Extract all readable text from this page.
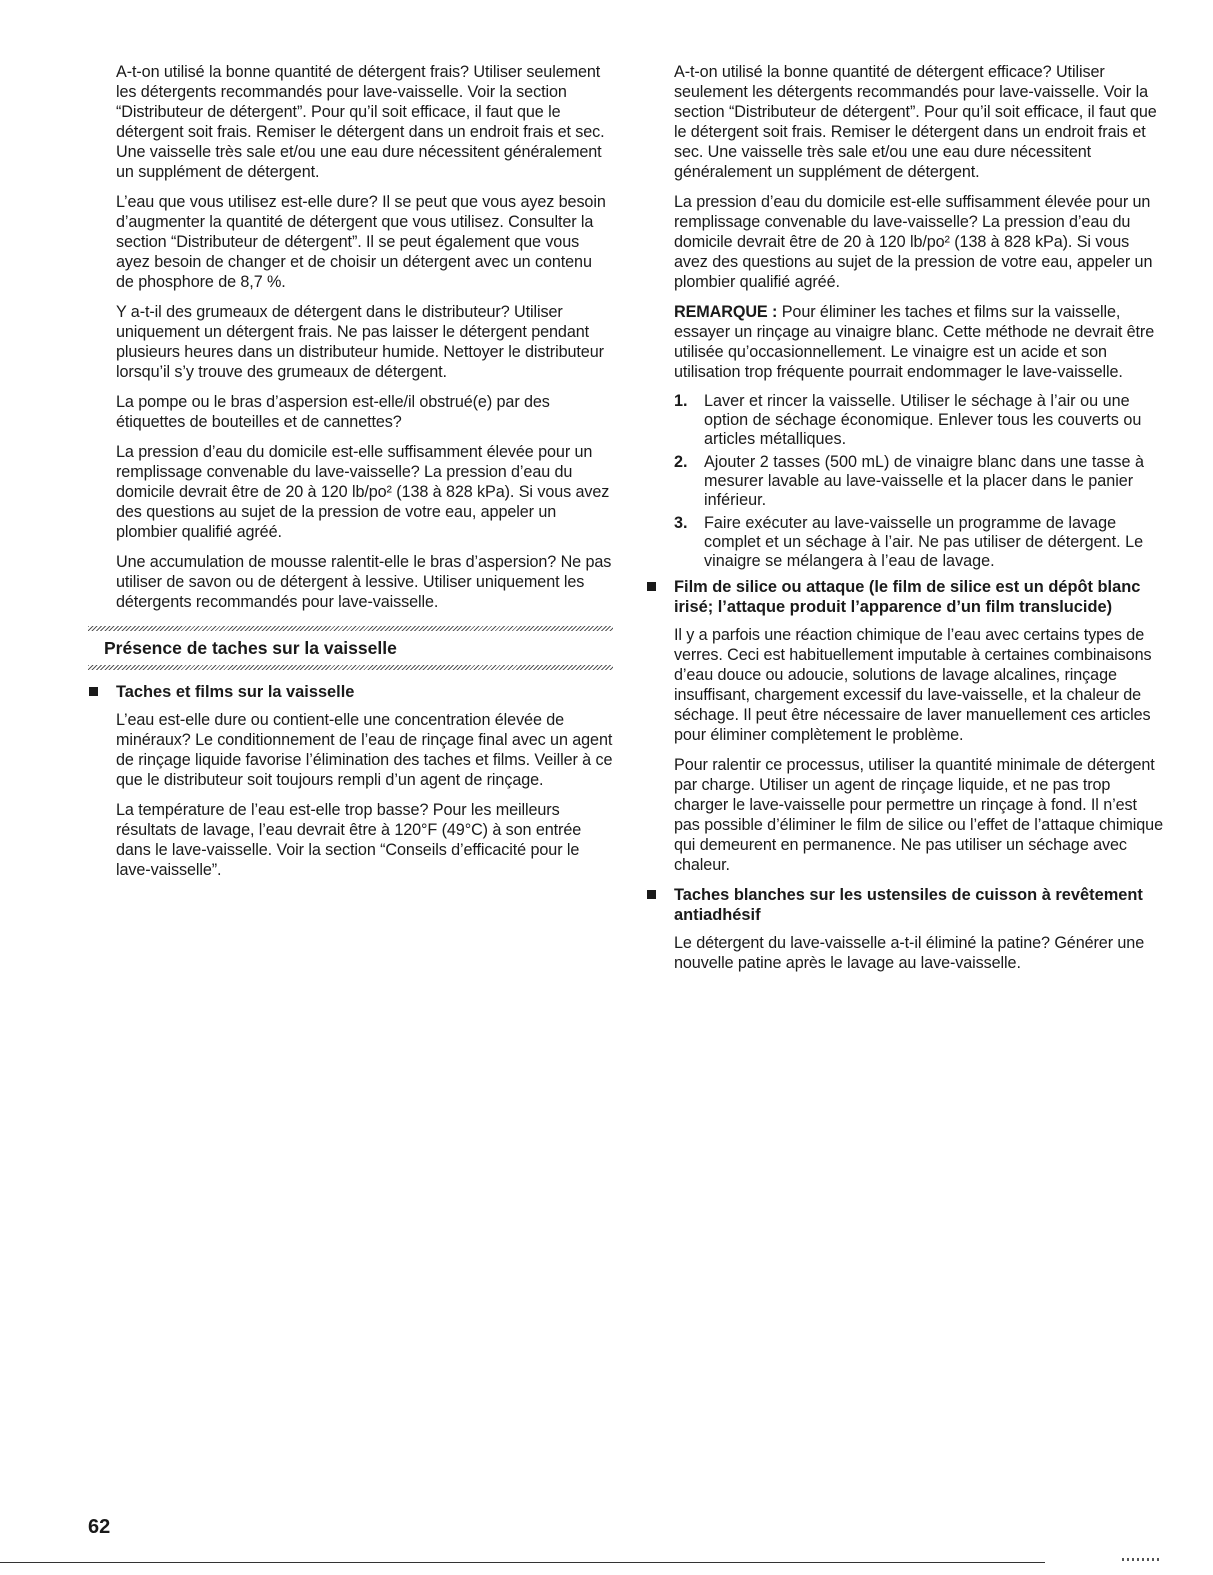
A-t-on utilisé la bonne quantité de détergent frais? Utiliser seulement les détergents recommandés pour lave-vaisselle. Voir la section “Distributeur de détergent”. Pour qu’il soit efficace, il faut que le détergent soit frais. Remiser le détergent dans un endroit frais et sec. Une vaisselle très sale et/ou une eau dure nécessitent généralement un supplément de détergent.

L’eau que vous utilisez est-elle dure? Il se peut que vous ayez besoin d’augmenter la quantité de détergent que vous utilisez. Consulter la section “Distributeur de détergent”. Il se peut également que vous ayez besoin de changer et de choisir un détergent avec un contenu de phosphore de 8,7 %.

Y a-t-il des grumeaux de détergent dans le distributeur? Utiliser uniquement un détergent frais. Ne pas laisser le détergent pendant plusieurs heures dans un distributeur humide. Nettoyer le distributeur lorsqu’il s’y trouve des grumeaux de détergent.

La pompe ou le bras d’aspersion est-elle/il obstrué(e) par des étiquettes de bouteilles et de cannettes?

La pression d’eau du domicile est-elle suffisamment élevée pour un remplissage convenable du lave-vaisselle? La pression d’eau du domicile devrait être de 20 à 120 lb/po² (138 à 828 kPa). Si vous avez des questions au sujet de la pression de votre eau, appeler un plombier qualifié agréé.

Une accumulation de mousse ralentit-elle le bras d’aspersion? Ne pas utiliser de savon ou de détergent à lessive. Utiliser uniquement les détergents recommandés pour lave-vaisselle.

Présence de taches sur la vaisselle
Taches et films sur la vaisselle

L’eau est-elle dure ou contient-elle une concentration élevée de minéraux? Le conditionnement de l’eau de rinçage final avec un agent de rinçage liquide favorise l’élimination des taches et films. Veiller à ce que le distributeur soit toujours rempli d’un agent de rinçage.

La température de l’eau est-elle trop basse? Pour les meilleurs résultats de lavage, l’eau devrait être à 120°F (49°C) à son entrée dans le lave-vaisselle. Voir la section “Conseils d’efficacité pour le lave-vaisselle”.

A-t-on utilisé la bonne quantité de détergent efficace? Utiliser seulement les détergents recommandés pour lave-vaisselle. Voir la section “Distributeur de détergent”. Pour qu’il soit efficace, il faut que le détergent soit frais. Remiser le détergent dans un endroit frais et sec. Une vaisselle très sale et/ou une eau dure nécessitent généralement un supplément de détergent.

La pression d’eau du domicile est-elle suffisamment élevée pour un remplissage convenable du lave-vaisselle? La pression d’eau du domicile devrait être de 20 à 120 lb/po² (138 à 828 kPa). Si vous avez des questions au sujet de la pression de votre eau, appeler un plombier qualifié agréé.

REMARQUE : Pour éliminer les taches et films sur la vaisselle, essayer un rinçage au vinaigre blanc. Cette méthode ne devrait être utilisée qu’occasionnellement. Le vinaigre est un acide et son utilisation trop fréquente pourrait endommager le lave-vaisselle.

1. Laver et rincer la vaisselle. Utiliser le séchage à l’air ou une option de séchage économique. Enlever tous les couverts ou articles métalliques.
2. Ajouter 2 tasses (500 mL) de vinaigre blanc dans une tasse à mesurer lavable au lave-vaisselle et la placer dans le panier inférieur.
3. Faire exécuter au lave-vaisselle un programme de lavage complet et un séchage à l’air. Ne pas utiliser de détergent. Le vinaigre se mélangera à l’eau de lavage.
Film de silice ou attaque (le film de silice est un dépôt blanc irisé; l’attaque produit l’apparence d’un film translucide)

Il y a parfois une réaction chimique de l’eau avec certains types de verres. Ceci est habituellement imputable à certaines combinaisons d’eau douce ou adoucie, solutions de lavage alcalines, rinçage insuffisant, chargement excessif du lave-vaisselle, et la chaleur de séchage. Il peut être nécessaire de laver manuellement ces articles pour éliminer complètement le problème.

Pour ralentir ce processus, utiliser la quantité minimale de détergent par charge. Utiliser un agent de rinçage liquide, et ne pas trop charger le lave-vaisselle pour permettre un rinçage à fond. Il n’est pas possible d’éliminer le film de silice ou l’effet de l’attaque chimique qui demeurent en permanence. Ne pas utiliser un séchage avec chaleur.

Taches blanches sur les ustensiles de cuisson à revêtement antiadhésif

Le détergent du lave-vaisselle a-t-il éliminé la patine? Générer une nouvelle patine après le lavage au lave-vaisselle.

62
